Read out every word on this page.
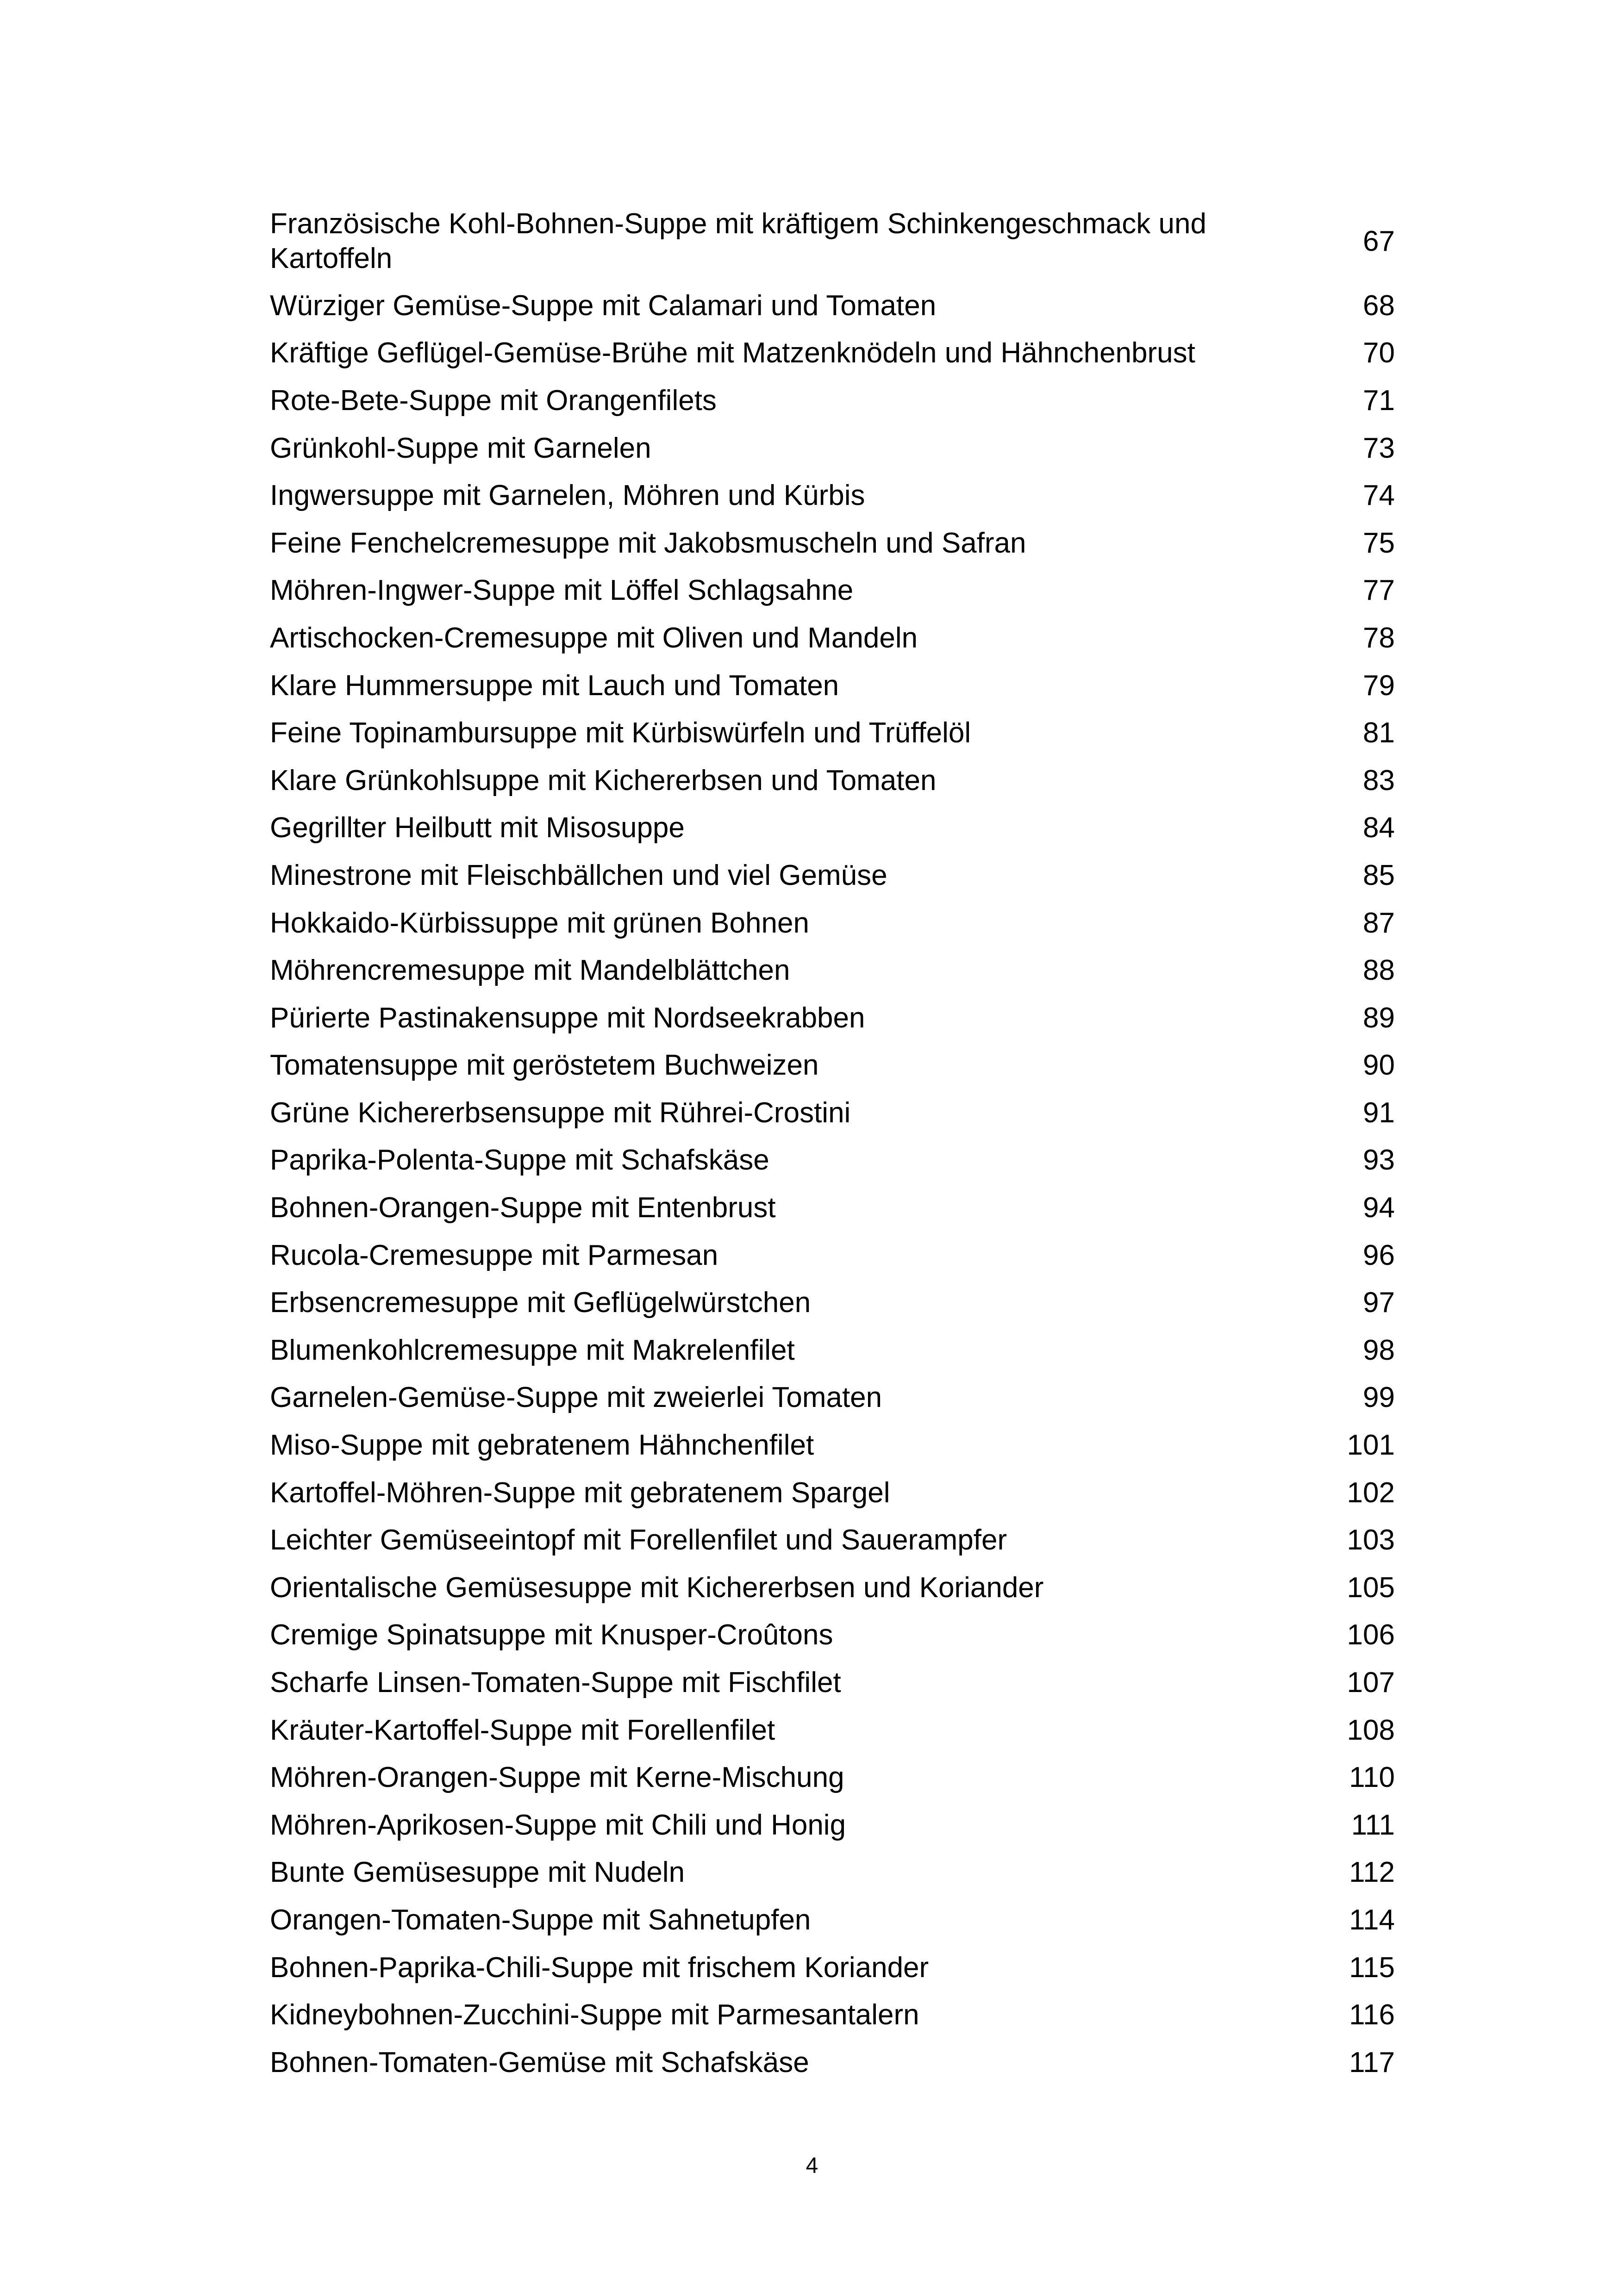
Französische Kohl-Bohnen-Suppe mit kräftigem Schinkengeschmack und Kartoffeln
67
Würziger Gemüse-Suppe mit Calamari und Tomaten	68
Kräftige Geflügel-Gemüse-Brühe mit Matzenknödeln und Hähnchenbrust	70
Rote-Bete-Suppe mit Orangenfilets	71
Grünkohl-Suppe mit Garnelen	73
Ingwersuppe mit Garnelen, Möhren und Kürbis	74
Feine Fenchelcremesuppe mit Jakobsmuscheln und Safran	75
Möhren-Ingwer-Suppe mit Löffel Schlagsahne	77
Artischocken-Cremesuppe mit Oliven und Mandeln	78
Klare Hummersuppe mit Lauch und Tomaten	79
Feine Topinambursuppe mit Kürbiswürfeln und Trüffelöl	81
Klare Grünkohlsuppe mit Kichererbsen und Tomaten	83
Gegrillter Heilbutt mit Misosuppe	84
Minestrone mit Fleischbällchen und viel Gemüse	85
Hokkaido-Kürbissuppe mit grünen Bohnen	87
Möhrencremesuppe mit Mandelblättchen	88
Pürierte Pastinakensuppe mit Nordseekrabben	89
Tomatensuppe mit geröstetem Buchweizen	90
Grüne Kichererbsensuppe mit Rührei-Crostini	91
Paprika-Polenta-Suppe mit Schafskäse	93
Bohnen-Orangen-Suppe mit Entenbrust	94
Rucola-Cremesuppe mit Parmesan	96
Erbsencremesuppe mit Geflügelwürstchen	97
Blumenkohlcremesuppe mit Makrelenfilet	98
Garnelen-Gemüse-Suppe mit zweierlei Tomaten	99
Miso-Suppe mit gebratenem Hähnchenfilet	101
Kartoffel-Möhren-Suppe mit gebratenem Spargel	102
Leichter Gemüseeintopf mit Forellenfilet und Sauerampfer	103
Orientalische Gemüsesuppe mit Kichererbsen und Koriander	105
Cremige Spinatsuppe mit Knusper-Croûtons	106
Scharfe Linsen-Tomaten-Suppe mit Fischfilet	107
Kräuter-Kartoffel-Suppe mit Forellenfilet	108
Möhren-Orangen-Suppe mit Kerne-Mischung	110
Möhren-Aprikosen-Suppe mit Chili und Honig	111
Bunte Gemüsesuppe mit Nudeln	112
Orangen-Tomaten-Suppe mit Sahnetupfen	114
Bohnen-Paprika-Chili-Suppe mit frischem Koriander	115
Kidneybohnen-Zucchini-Suppe mit Parmesantalern	116
Bohnen-Tomaten-Gemüse mit Schafskäse	117
4
